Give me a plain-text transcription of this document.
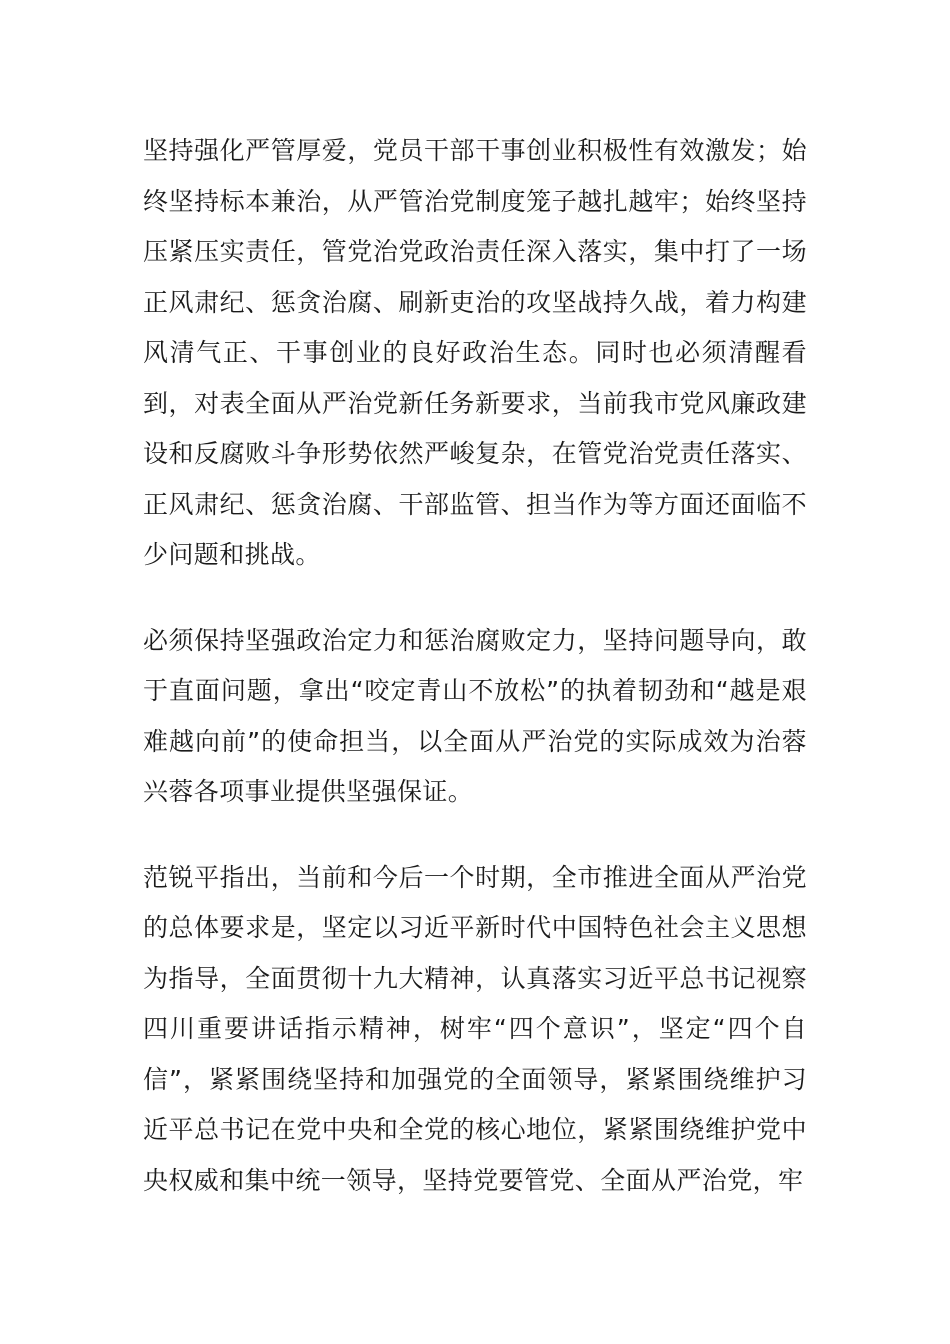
坚持强化严管厚爱，党员干部干事创业积极性有效激发；始终坚持标本兼治，从严管治党制度笼子越扎越牢；始终坚持压紧压实责任，管党治党政治责任深入落实，集中打了一场正风肃纪、惩贪治腐、刷新吏治的攻坚战持久战，着力构建风清气正、干事创业的良好政治生态。同时也必须清醒看到，对表全面从严治党新任务新要求，当前我市党风廉政建设和反腐败斗争形势依然严峻复杂，在管党治党责任落实、正风肃纪、惩贪治腐、干部监管、担当作为等方面还面临不少问题和挑战。

必须保持坚强政治定力和惩治腐败定力，坚持问题导向，敢于直面问题，拿出“咬定青山不放松”的执着韧劲和“越是艰难越向前”的使命担当，以全面从严治党的实际成效为治蓉兴蓉各项事业提供坚强保证。

范锐平指出，当前和今后一个时期，全市推进全面从严治党的总体要求是，坚定以习近平新时代中国特色社会主义思想为指导，全面贯彻十九大精神，认真落实习近平总书记视察四川重要讲话指示精神，树牢“四个意识”，坚定“四个自信”，紧紧围绕坚持和加强党的全面领导，紧紧围绕维护习近平总书记在党中央和全党的核心地位，紧紧围绕维护党中央权威和集中统一领导，坚持党要管党、全面从严治党，牢
